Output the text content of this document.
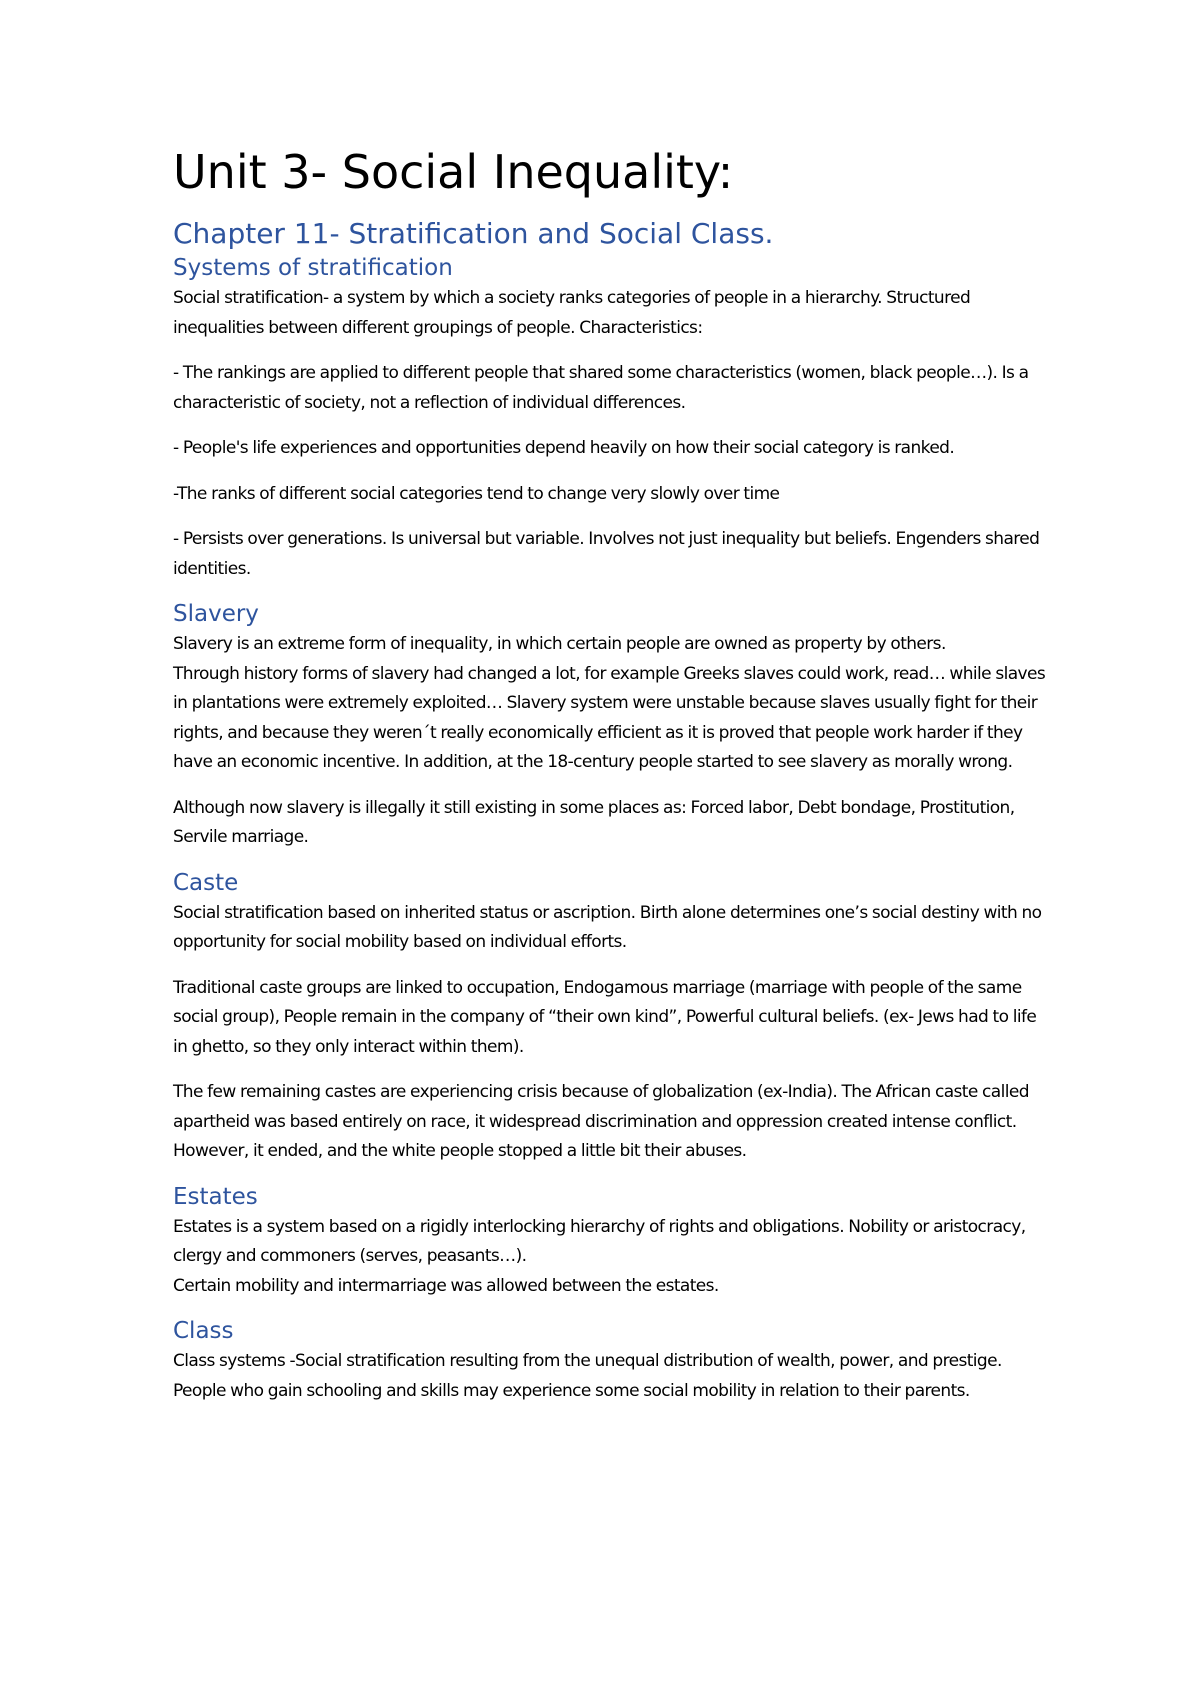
Unit 3- Social Inequality:
Chapter 11- Stratification and Social Class.
Systems of stratification

Social stratification- a system by which a society ranks categories of people in a hierarchy. Structured inequalities between different groupings of people. Characteristics:

- The rankings are applied to different people that shared some characteristics (women, black people…). Is a characteristic of society, not a reflection of individual differences.

- People's life experiences and opportunities depend heavily on how their social category is ranked.

-The ranks of different social categories tend to change very slowly over time

- Persists over generations. Is universal but variable. Involves not just inequality but beliefs. Engenders shared identities.

Slavery

Slavery is an extreme form of inequality, in which certain people are owned as property by others.

Through history forms of slavery had changed a lot, for example Greeks slaves could work, read… while slaves in plantations were extremely exploited… Slavery system were unstable because slaves usually fight for their rights, and because they weren´t really economically efficient as it is proved that people work harder if they have an economic incentive. In addition, at the 18-century people started to see slavery as morally wrong.

Although now slavery is illegally it still existing in some places as: Forced labor, Debt bondage, Prostitution, Servile marriage.

Caste

Social stratification based on inherited status or ascription. Birth alone determines one’s social destiny with no opportunity for social mobility based on individual efforts.

Traditional caste groups are linked to occupation, Endogamous marriage (marriage with people of the same social group), People remain in the company of “their own kind”, Powerful cultural beliefs. (ex- Jews had to life in ghetto, so they only interact within them).

The few remaining castes are experiencing crisis because of globalization (ex-India). The African caste called apartheid was based entirely on race, it widespread discrimination and oppression created intense conflict. However, it ended, and the white people stopped a little bit their abuses.

Estates

Estates is a system based on a rigidly interlocking hierarchy of rights and obligations. Nobility or aristocracy, clergy and commoners (serves, peasants…).

Certain mobility and intermarriage was allowed between the estates.

Class

Class systems -Social stratification resulting from the unequal distribution of wealth, power, and prestige. People who gain schooling and skills may experience some social mobility in relation to their parents.
